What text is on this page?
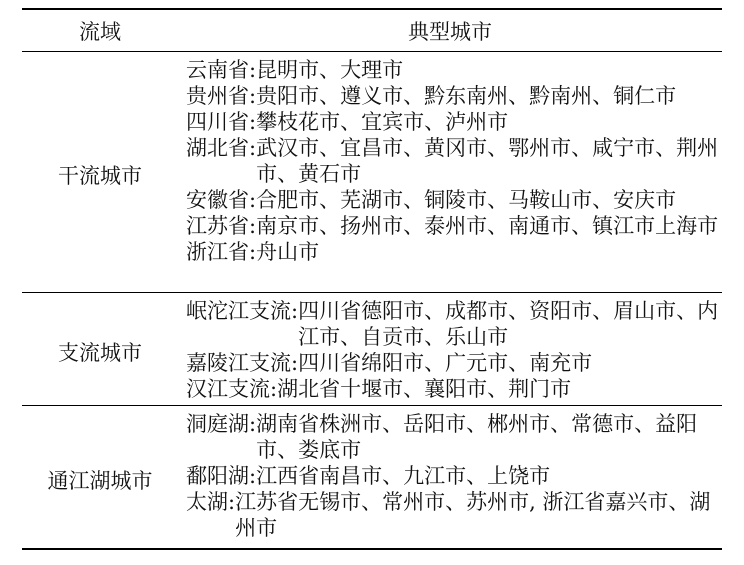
流域	典型城市
干流城市
云南省: 昆明市、大理市
贵州省: 贵阳市、遵义市、黔东南州、黔南州、铜仁市
四川省: 攀枝花市、宜宾市、泸州市
湖北省: 武汉市、宜昌市、黄冈市、鄂州市、咸宁市、荆州市、黄石市
安徽省: 合肥市、芜湖市、铜陵市、马鞍山市、安庆市
江苏省: 南京市、扬州市、泰州市、南通市、镇江市上海市
浙江省: 舟山市
支流城市
岷沱江支流: 四川省德阳市、成都市、资阳市、眉山市、内江市、自贡市、乐山市
嘉陵江支流: 四川省绵阳市、广元市、南充市
汉江支流: 湖北省十堰市、襄阳市、荆门市
通江湖城市
洞庭湖: 湖南省株洲市、岳阳市、郴州市、常德市、益阳市、娄底市
鄱阳湖: 江西省南昌市、九江市、上饶市
太湖: 江苏省无锡市、常州市、苏州市, 浙江省嘉兴市、湖州市
